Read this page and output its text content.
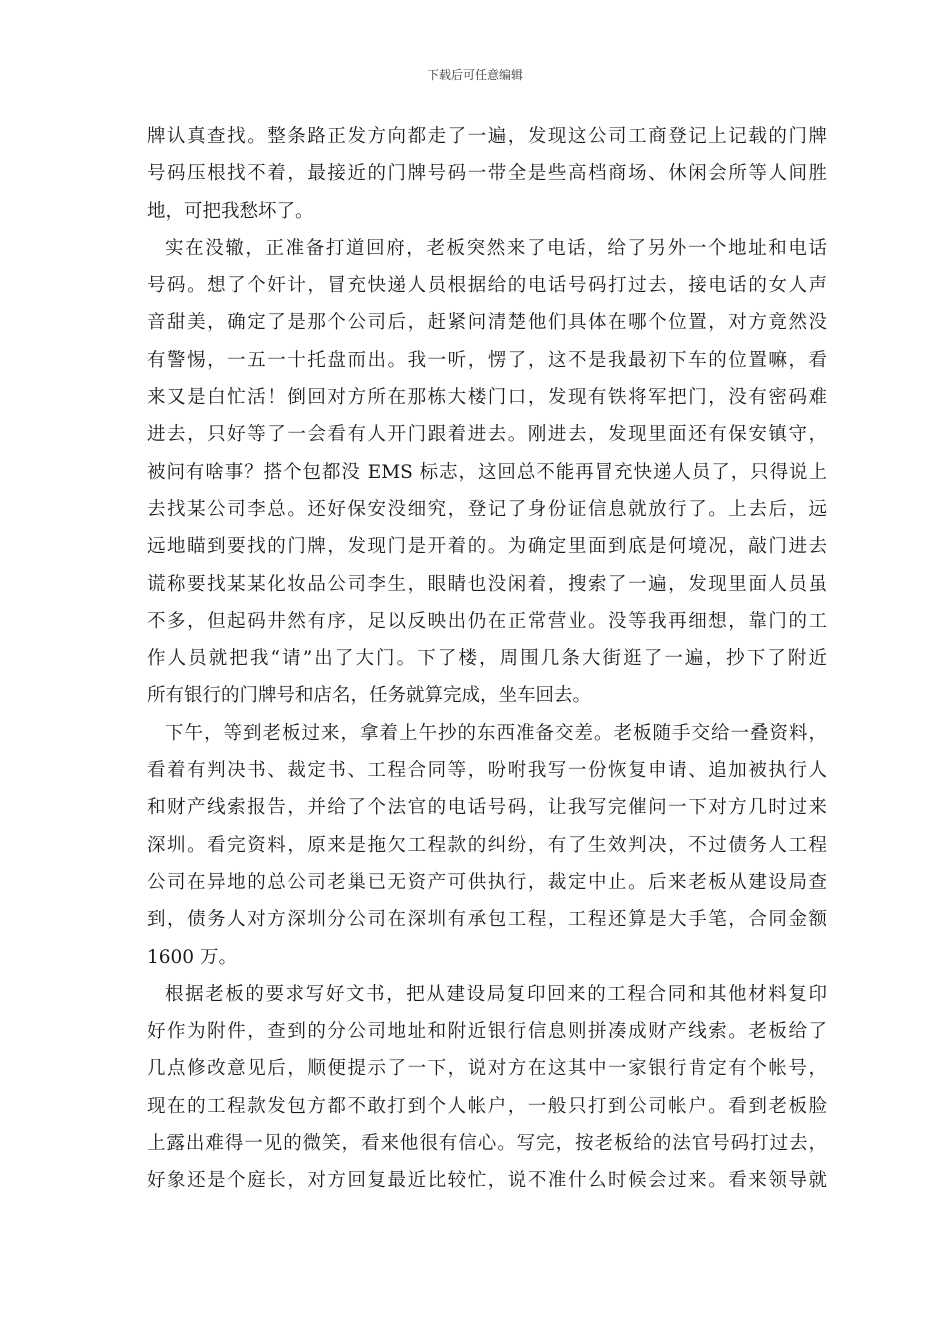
下载后可任意编辑
牌认真查找。整条路正发方向都走了一遍，发现这公司工商登记上记载的门牌
号码压根找不着，最接近的门牌号码一带全是些高档商场、休闲会所等人间胜
地，可把我愁坏了。
实在没辙，正准备打道回府，老板突然来了电话，给了另外一个地址和电话
号码。想了个奸计，冒充快递人员根据给的电话号码打过去，接电话的女人声
音甜美，确定了是那个公司后，赶紧问清楚他们具体在哪个位置，对方竟然没
有警惕，一五一十托盘而出。我一听，愣了，这不是我最初下车的位置嘛，看
来又是白忙活！倒回对方所在那栋大楼门口，发现有铁将军把门，没有密码难
进去，只好等了一会看有人开门跟着进去。刚进去，发现里面还有保安镇守，
被问有啥事？搭个包都没 EMS 标志，这回总不能再冒充快递人员了，只得说上
去找某公司李总。还好保安没细究，登记了身份证信息就放行了。上去后，远
远地瞄到要找的门牌，发现门是开着的。为确定里面到底是何境况，敲门进去
谎称要找某某化妆品公司李生，眼睛也没闲着，搜索了一遍，发现里面人员虽
不多，但起码井然有序，足以反映出仍在正常营业。没等我再细想，靠门的工
作人员就把我“请”出了大门。下了楼，周围几条大街逛了一遍，抄下了附近
所有银行的门牌号和店名，任务就算完成，坐车回去。
下午，等到老板过来，拿着上午抄的东西准备交差。老板随手交给一叠资料，
看着有判决书、裁定书、工程合同等，吩咐我写一份恢复申请、追加被执行人
和财产线索报告，并给了个法官的电话号码，让我写完催问一下对方几时过来
深圳。看完资料，原来是拖欠工程款的纠纷，有了生效判决，不过债务人工程
公司在异地的总公司老巢已无资产可供执行，裁定中止。后来老板从建设局查
到，债务人对方深圳分公司在深圳有承包工程，工程还算是大手笔，合同金额
1600 万。
根据老板的要求写好文书，把从建设局复印回来的工程合同和其他材料复印
好作为附件，查到的分公司地址和附近银行信息则拼凑成财产线索。老板给了
几点修改意见后，顺便提示了一下，说对方在这其中一家银行肯定有个帐号，
现在的工程款发包方都不敢打到个人帐户，一般只打到公司帐户。看到老板脸
上露出难得一见的微笑，看来他很有信心。写完，按老板给的法官号码打过去，
好象还是个庭长，对方回复最近比较忙，说不准什么时候会过来。看来领导就
